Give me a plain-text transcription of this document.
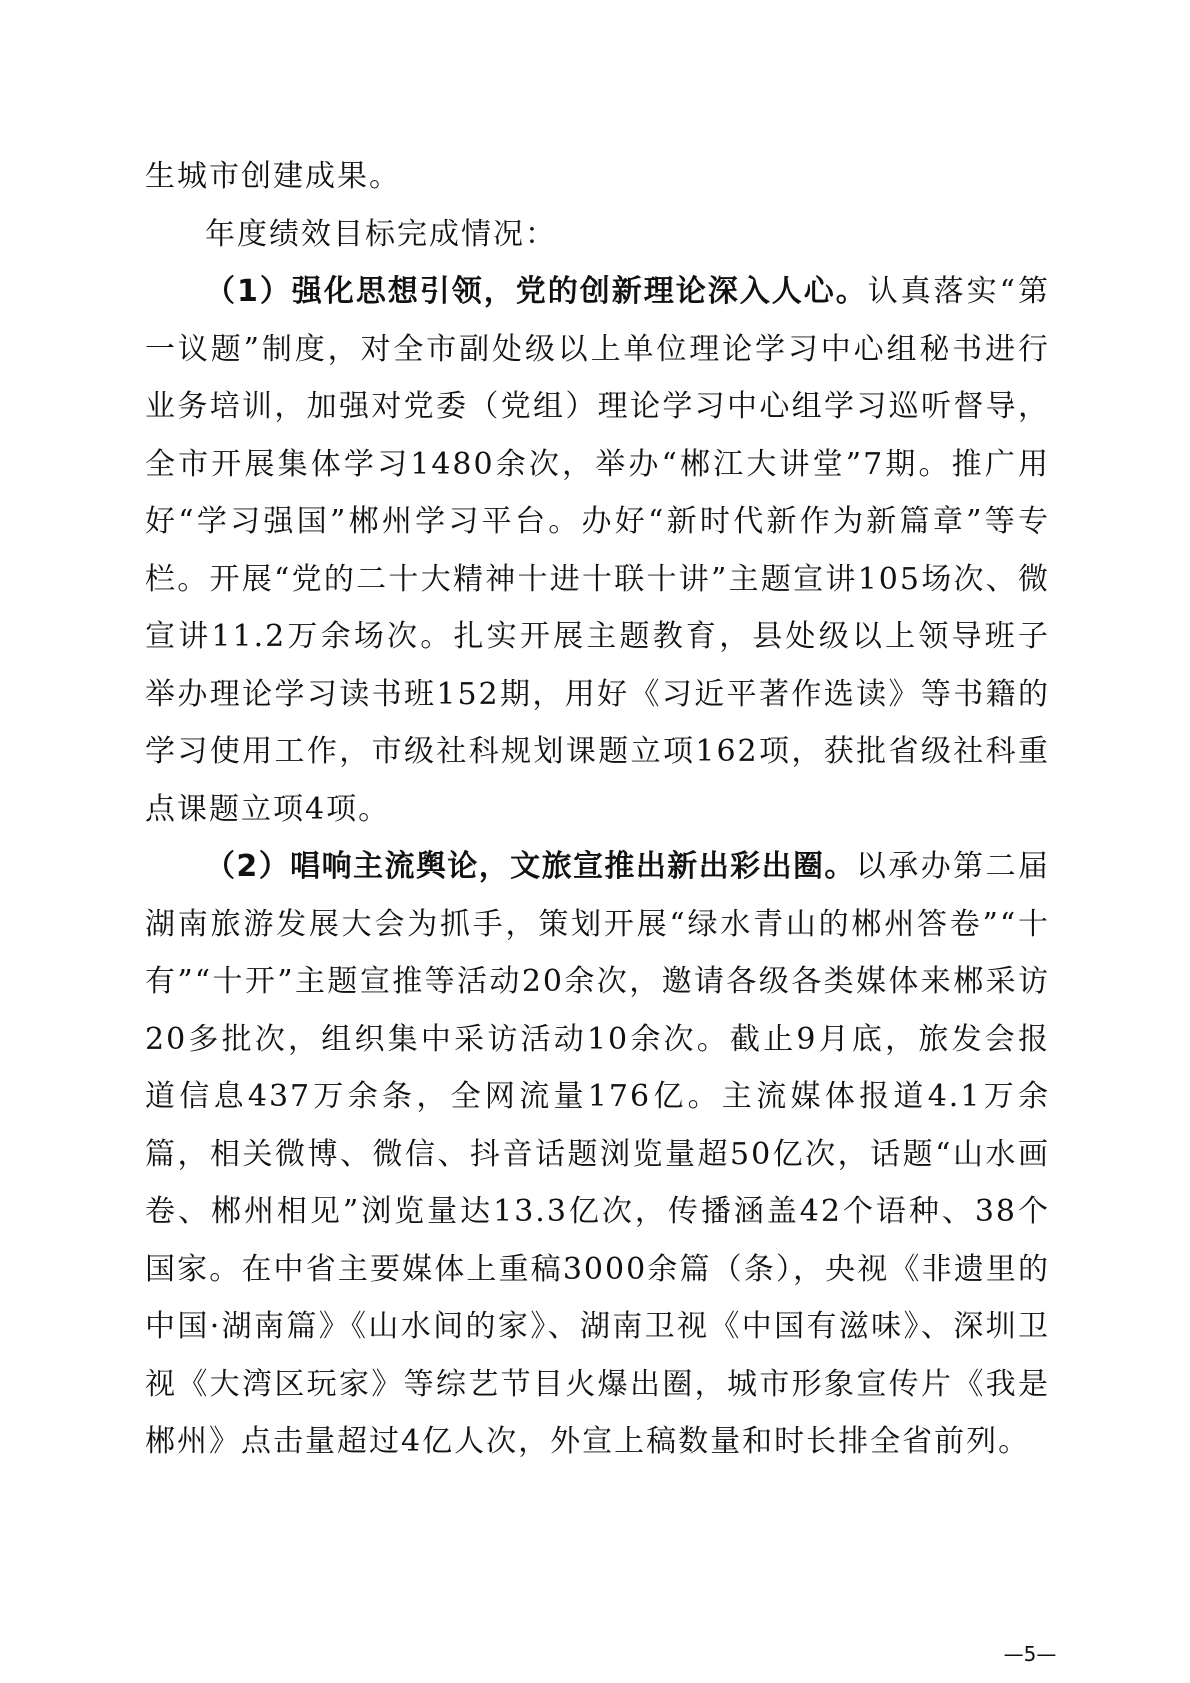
生城市创建成果。

年度绩效目标完成情况：

（1）强化思想引领，党的创新理论深入人心。认真落实“第一议题”制度，对全市副处级以上单位理论学习中心组秘书进行业务培训，加强对党委（党组）理论学习中心组学习巡听督导，全市开展集体学习1480余次，举办“郴江大讲堂”7期。推广用好“学习强国”郴州学习平台。办好“新时代新作为新篇章”等专栏。开展“党的二十大精神十进十联十讲”主题宣讲105场次、微宣讲11.2万余场次。扎实开展主题教育，县处级以上领导班子举办理论学习读书班152期，用好《习近平著作选读》等书籍的学习使用工作，市级社科规划课题立项162项，获批省级社科重点课题立项4项。

（2）唱响主流舆论，文旅宣推出新出彩出圈。以承办第二届湖南旅游发展大会为抓手，策划开展“绿水青山的郴州答卷”“十有”“十开”主题宣推等活动20余次，邀请各级各类媒体来郴采访20多批次，组织集中采访活动10余次。截止9月底，旅发会报道信息437万余条，全网流量176亿。主流媒体报道4.1万余篇，相关微博、微信、抖音话题浏览量超50亿次，话题“山水画卷、郴州相见”浏览量达13.3亿次，传播涵盖42个语种、38个国家。在中省主要媒体上重稿3000余篇（条），央视《非遗里的中国·湖南篇》《山水间的家》、湖南卫视《中国有滋味》、深圳卫视《大湾区玩家》等综艺节目火爆出圈，城市形象宣传片《我是郴州》点击量超过4亿人次，外宣上稿数量和时长排全省前列。

—5—
